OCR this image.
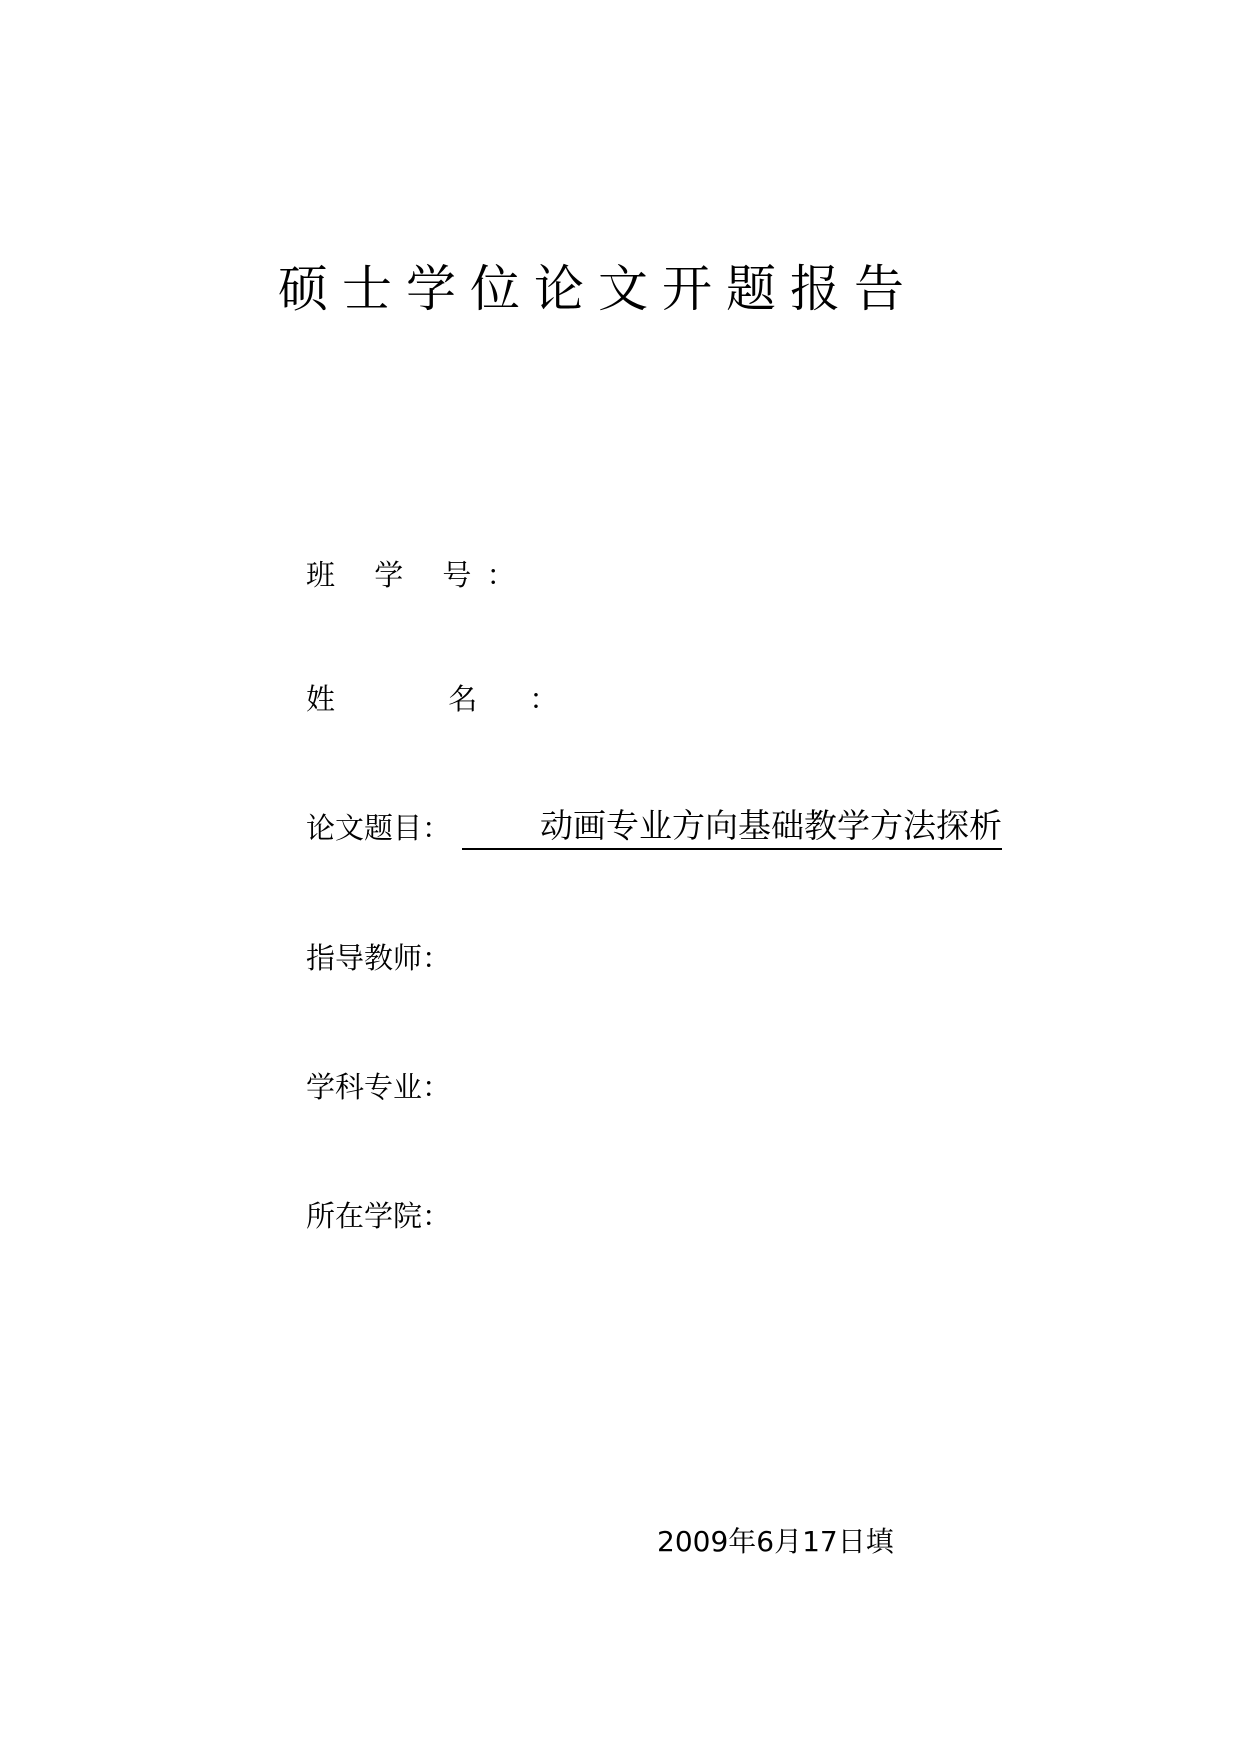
硕士学位论文开题报告
班 学 号：
姓 名：
论文题目：	动画专业方向基础教学方法探析
指导教师：
学科专业：
所在学院：
2009年6月17日填
